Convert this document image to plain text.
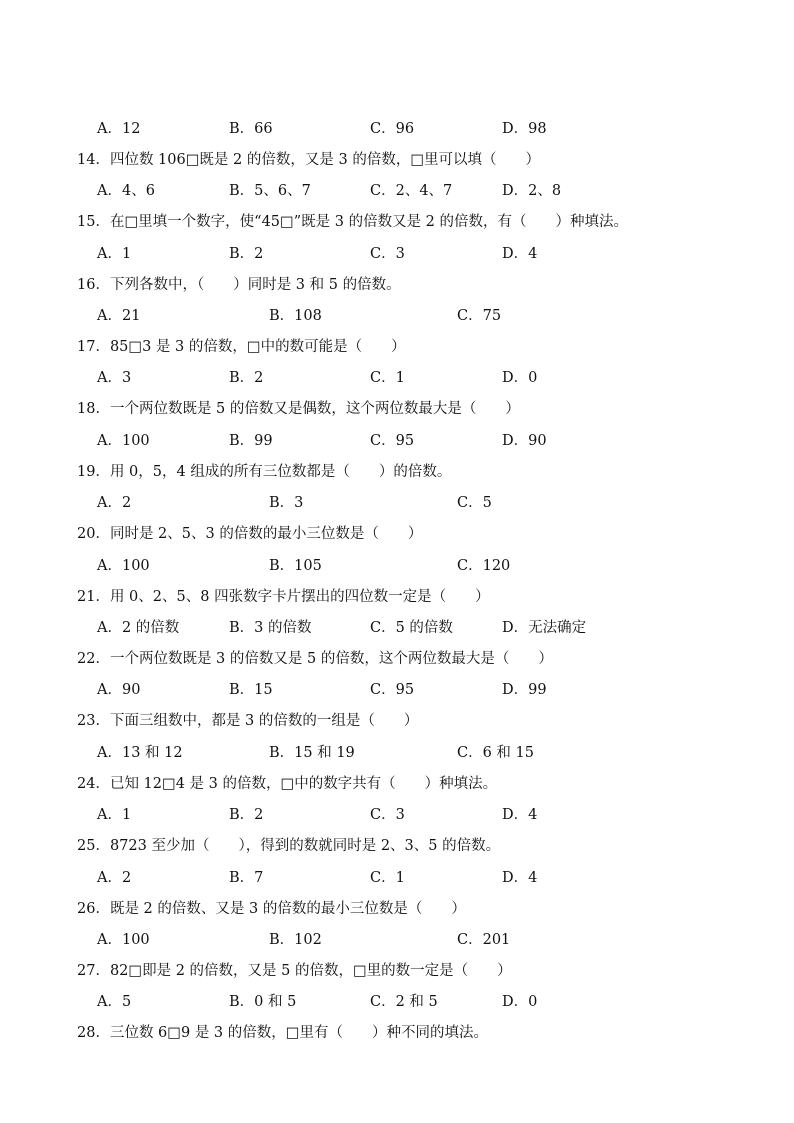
A．12	B．66	C．96	D．98
14．四位数 106□既是 2 的倍数，又是 3 的倍数，□里可以填（　　）
A．4、6	B．5、6、7	C．2、4、7	D．2、8
15．在□里填一个数字，使“45□”既是 3 的倍数又是 2 的倍数，有（　　）种填法。
A．1	B．2	C．3	D．4
16．下列各数中，（　　）同时是 3 和 5 的倍数。
A．21	B．108	C．75
17．85□3 是 3 的倍数，□中的数可能是（　　）
A．3	B．2	C．1	D．0
18．一个两位数既是 5 的倍数又是偶数，这个两位数最大是（　　）
A．100	B．99	C．95	D．90
19．用 0，5，4 组成的所有三位数都是（　　）的倍数。
A．2	B．3	C．5
20．同时是 2、5、3 的倍数的最小三位数是（　　）
A．100	B．105	C．120
21．用 0、2、5、8 四张数字卡片摆出的四位数一定是（　　）
A．2 的倍数	B．3 的倍数	C．5 的倍数	D．无法确定
22．一个两位数既是 3 的倍数又是 5 的倍数，这个两位数最大是（　　）
A．90	B．15	C．95	D．99
23．下面三组数中，都是 3 的倍数的一组是（　　）
A．13 和 12	B．15 和 19	C．6 和 15
24．已知 12□4 是 3 的倍数，□中的数字共有（　　）种填法。
A．1	B．2	C．3	D．4
25．8723 至少加（　　），得到的数就同时是 2、3、5 的倍数。
A．2	B．7	C．1	D．4
26．既是 2 的倍数、又是 3 的倍数的最小三位数是（　　）
A．100	B．102	C．201
27．82□即是 2 的倍数，又是 5 的倍数，□里的数一定是（　　）
A．5	B．0 和 5	C．2 和 5	D．0
28．三位数 6□9 是 3 的倍数，□里有（　　）种不同的填法。
